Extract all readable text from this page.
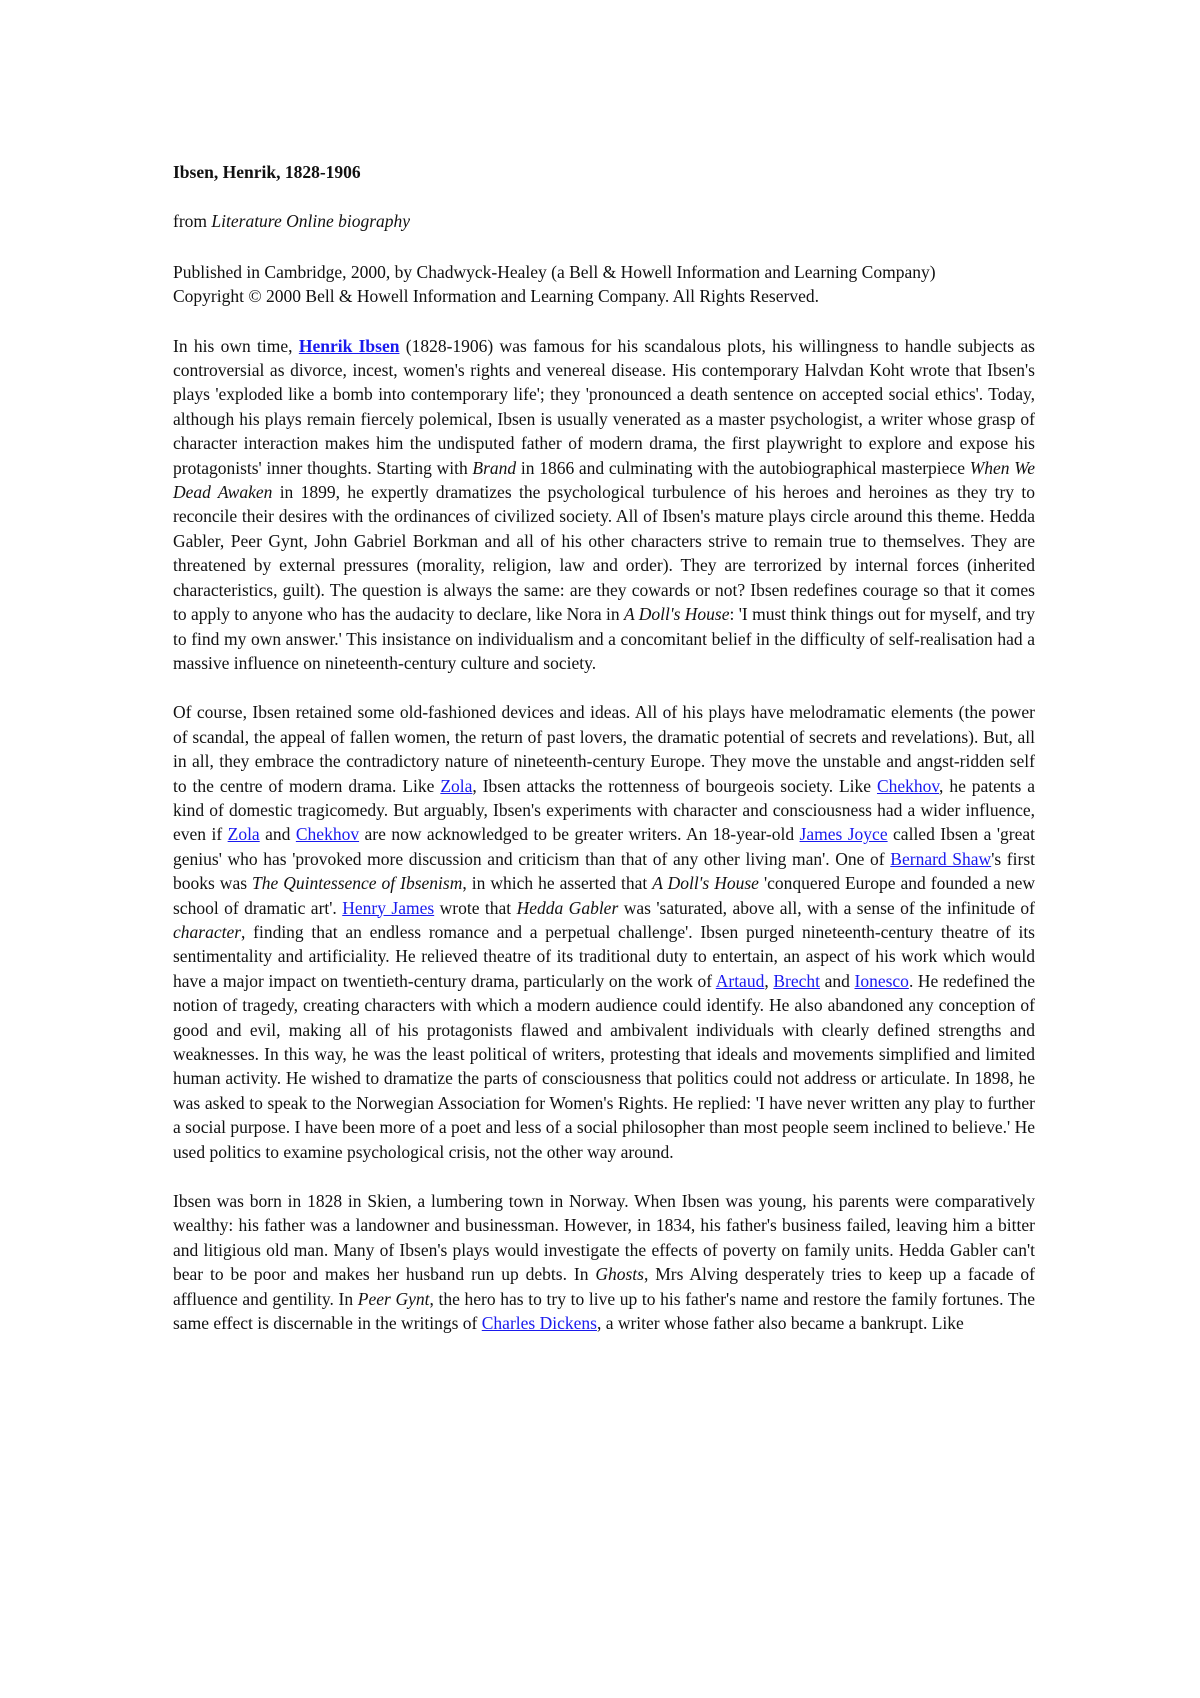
Ibsen, Henrik, 1828-1906

from Literature Online biography

Published in Cambridge, 2000, by Chadwyck-Healey (a Bell & Howell Information and Learning Company)

Copyright © 2000 Bell & Howell Information and Learning Company. All Rights Reserved.

In his own time, Henrik Ibsen (1828-1906) was famous for his scandalous plots, his willingness to handle subjects as controversial as divorce, incest, women's rights and venereal disease. His contemporary Halvdan Koht wrote that Ibsen's plays 'exploded like a bomb into contemporary life'; they 'pronounced a death sentence on accepted social ethics'. Today, although his plays remain fiercely polemical, Ibsen is usually venerated as a master psychologist, a writer whose grasp of character interaction makes him the undisputed father of modern drama, the first playwright to explore and expose his protagonists' inner thoughts. Starting with Brand in 1866 and culminating with the autobiographical masterpiece When We Dead Awaken in 1899, he expertly dramatizes the psychological turbulence of his heroes and heroines as they try to reconcile their desires with the ordinances of civilized society. All of Ibsen's mature plays circle around this theme. Hedda Gabler, Peer Gynt, John Gabriel Borkman and all of his other characters strive to remain true to themselves. They are threatened by external pressures (morality, religion, law and order). They are terrorized by internal forces (inherited characteristics, guilt). The question is always the same: are they cowards or not? Ibsen redefines courage so that it comes to apply to anyone who has the audacity to declare, like Nora in A Doll's House: 'I must think things out for myself, and try to find my own answer.' This insistance on individualism and a concomitant belief in the difficulty of self-realisation had a massive influence on nineteenth-century culture and society.

Of course, Ibsen retained some old-fashioned devices and ideas. All of his plays have melodramatic elements (the power of scandal, the appeal of fallen women, the return of past lovers, the dramatic potential of secrets and revelations). But, all in all, they embrace the contradictory nature of nineteenth-century Europe. They move the unstable and angst-ridden self to the centre of modern drama. Like Zola, Ibsen attacks the rottenness of bourgeois society. Like Chekhov, he patents a kind of domestic tragicomedy. But arguably, Ibsen's experiments with character and consciousness had a wider influence, even if Zola and Chekhov are now acknowledged to be greater writers. An 18-year-old James Joyce called Ibsen a 'great genius' who has 'provoked more discussion and criticism than that of any other living man'. One of Bernard Shaw's first books was The Quintessence of Ibsenism, in which he asserted that A Doll's House 'conquered Europe and founded a new school of dramatic art'. Henry James wrote that Hedda Gabler was 'saturated, above all, with a sense of the infinitude of character, finding that an endless romance and a perpetual challenge'. Ibsen purged nineteenth-century theatre of its sentimentality and artificiality. He relieved theatre of its traditional duty to entertain, an aspect of his work which would have a major impact on twentieth-century drama, particularly on the work of Artaud, Brecht and Ionesco. He redefined the notion of tragedy, creating characters with which a modern audience could identify. He also abandoned any conception of good and evil, making all of his protagonists flawed and ambivalent individuals with clearly defined strengths and weaknesses. In this way, he was the least political of writers, protesting that ideals and movements simplified and limited human activity. He wished to dramatize the parts of consciousness that politics could not address or articulate. In 1898, he was asked to speak to the Norwegian Association for Women's Rights. He replied: 'I have never written any play to further a social purpose. I have been more of a poet and less of a social philosopher than most people seem inclined to believe.' He used politics to examine psychological crisis, not the other way around.

Ibsen was born in 1828 in Skien, a lumbering town in Norway. When Ibsen was young, his parents were comparatively wealthy: his father was a landowner and businessman. However, in 1834, his father's business failed, leaving him a bitter and litigious old man. Many of Ibsen's plays would investigate the effects of poverty on family units. Hedda Gabler can't bear to be poor and makes her husband run up debts. In Ghosts, Mrs Alving desperately tries to keep up a facade of affluence and gentility. In Peer Gynt, the hero has to try to live up to his father's name and restore the family fortunes. The same effect is discernable in the writings of Charles Dickens, a writer whose father also became a bankrupt. Like
